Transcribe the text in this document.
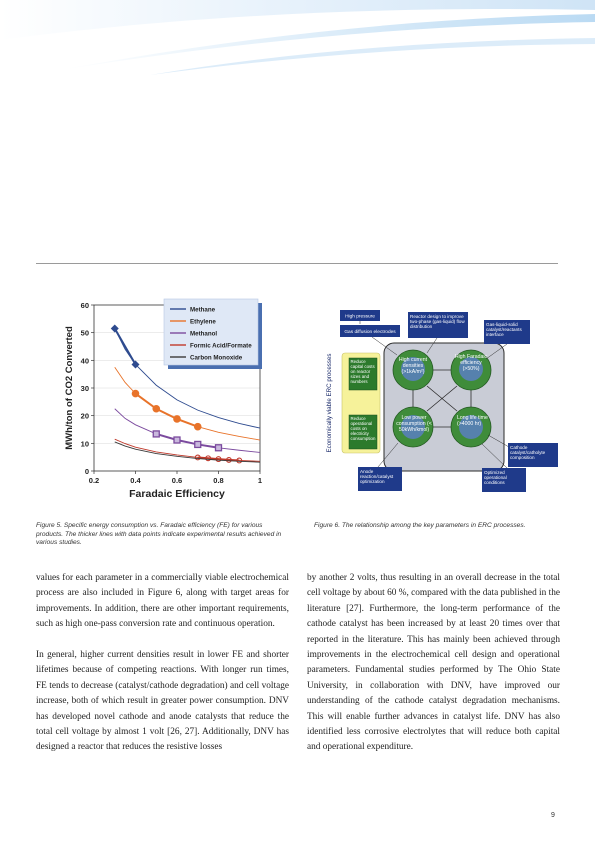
0
10
20
30
40
50
60
0.2	0.4	0.6	0.8	1
Faradaic Efficiency
MWh/ton of CO2 Converted
Methane
Ethylene
Methanol
Formic Acid/Formate
Carbon Monoxide
Figure 5. Specific energy consumption vs. Faradaic efficiency (FE) for various products. The thicker lines with data points indicate experimental results achieved in various studies.
Economically viable ERC processes	Reduce capital costs on reactor sizes and numbers
Reduce operational costs on electricity consumption
High current densities (>1kA/m²)
High Faradaic efficiency (>50%)
Low power consumption (< 50kWh/kmol)
Long life time (>4000 hr)
High pressure
Gas diffusion electrodes
Reactor design to improve two-phase (gas-liquid) flow distribution
Gas-liquid-solid catalyst/reactants interface
Cathode catalyst/catholyte composition
Anode reaction/catalyst optimization
Optimized operational conditions
Figure 6. The relationship among the key parameters in ERC processes.

values for each parameter in a commercially viable electrochemical process are also included in Figure 6, along with target areas for improvements. In addition, there are other important requirements, such as high one-pass conversion rate and continuous operation.

In general, higher current densities result in lower FE and shorter lifetimes because of competing reactions. With longer run times, FE tends to decrease (catalyst/cathode degradation) and cell voltage increase, both of which result in greater power consumption. DNV has developed novel cathode and anode catalysts that reduce the total cell voltage by almost 1 volt [26, 27]. Additionally, DNV has designed a reactor that reduces the resistive losses

by another 2 volts, thus resulting in an overall decrease in the total cell voltage by about 60 %, compared with the data published in the literature [27]. Furthermore, the long-term performance of the cathode catalyst has been increased by at least 20 times over that reported in the literature. This has mainly been achieved through improvements in the electrochemical cell design and operational parameters. Fundamental studies performed by The Ohio State University, in collaboration with DNV, have improved our understanding of the cathode catalyst degradation mechanisms. This will enable further advances in catalyst life. DNV has also identified less corrosive electrolytes that will reduce both capital and operational expenditure.

9
